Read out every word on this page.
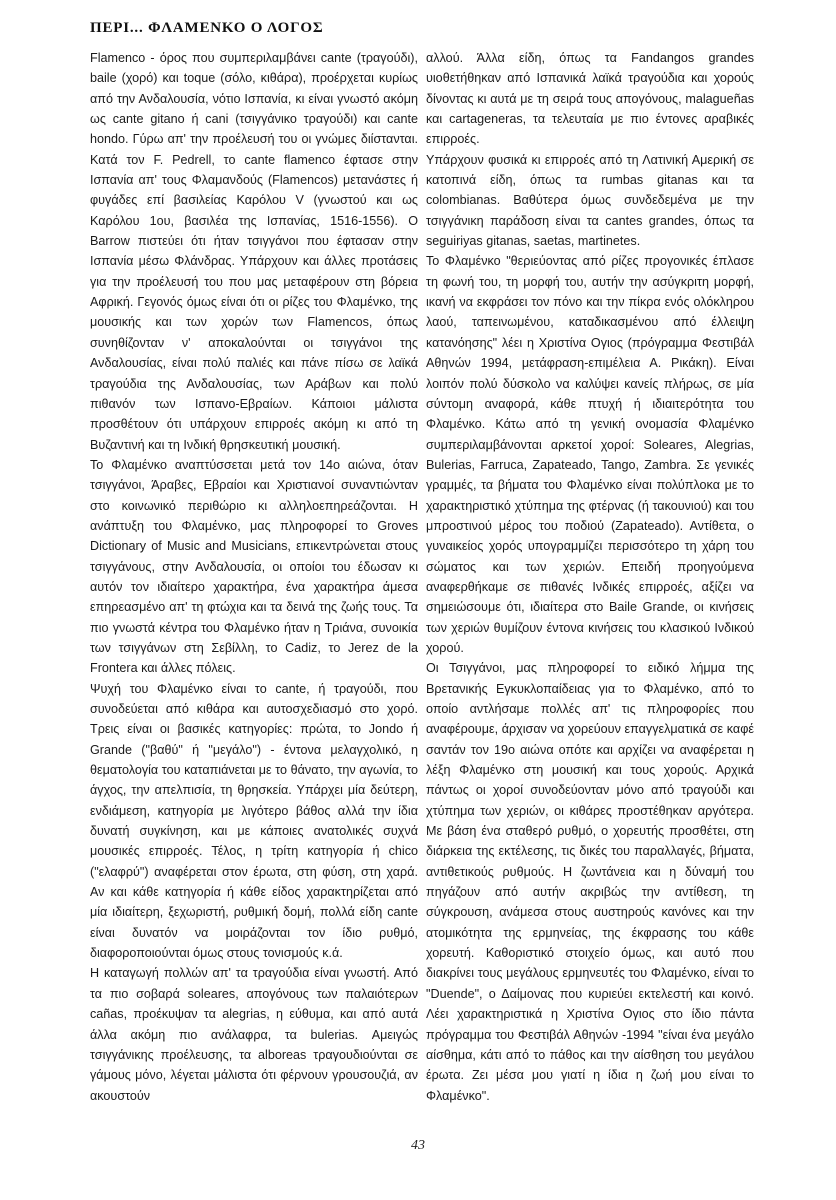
ΠΕΡΙ... ΦΛΑΜΕΝΚΟ Ο ΛΟΓΟΣ

Flamenco - όρος που συμπεριλαμβάνει cante (τραγούδι), baile (χορό) και toque (σόλο, κιθάρα), προέρχεται κυρίως από την Ανδαλουσία, νότιο Ισπανία, κι είναι γνωστό ακόμη ως cante gitano ή cani (τσιγγάνικο τραγούδι) και cante hondo. Γύρω απ' την προέλευσή του οι γνώμες διίστανται. Κατά τον F. Pedrell, το cante flamenco έφτασε στην Ισπανία απ' τους Φλαμανδούς (Flamencos) μετανάστες ή φυγάδες επί βασιλείας Καρόλου V (γνωστού και ως Καρόλου 1ου, βασιλέα της Ισπανίας, 1516-1556). Ο Barrow πιστεύει ότι ήταν τσιγγάνοι που έφτασαν στην Ισπανία μέσω Φλάνδρας. Υπάρχουν και άλλες προτάσεις για την προέλευσή του που μας μεταφέρουν στη βόρεια Αφρική. Γεγονός όμως είναι ότι οι ρίζες του Φλαμένκο, της μουσικής και των χορών των Flamencos, όπως συνηθίζονταν ν' αποκαλούνται οι τσιγγάνοι της Ανδαλουσίας, είναι πολύ παλιές και πάνε πίσω σε λαϊκά τραγούδια της Ανδαλουσίας, των Αράβων και πολύ πιθανόν των Ισπανο-Εβραίων. Κάποιοι μάλιστα προσθέτουν ότι υπάρχουν επιρροές ακόμη κι από τη Βυζαντινή και τη Ινδική θρησκευτική μουσική.

Το Φλαμένκο αναπτύσσεται μετά τον 14ο αιώνα, όταν τσιγγάνοι, Άραβες, Εβραίοι και Χριστιανοί συναντιώνταν στο κοινωνικό περιθώριο κι αλληλοεπηρεάζονται. Η ανάπτυξη του Φλαμένκο, μας πληροφορεί το Groves Dictionary of Music and Musicians, επικεντρώνεται στους τσιγγάνους, στην Ανδαλουσία, οι οποίοι του έδωσαν κι αυτόν τον ιδιαίτερο χαρακτήρα, ένα χαρακτήρα άμεσα επηρεασμένο απ' τη φτώχια και τα δεινά της ζωής τους. Τα πιο γνωστά κέντρα του Φλαμένκο ήταν η Τριάνα, συνοικία των τσιγγάνων στη Σεβίλλη, το Cadiz, το Jerez de la Frontera και άλλες πόλεις.

Ψυχή του Φλαμένκο είναι το cante, ή τραγούδι, που συνοδεύεται από κιθάρα και αυτοσχεδιασμό στο χορό. Τρεις είναι οι βασικές κατηγορίες: πρώτα, το Jondo ή Grande ("βαθύ" ή "μεγάλο") - έντονα μελαγχολικό, η θεματολογία του καταπιάνεται με το θάνατο, την αγωνία, το άγχος, την απελπισία, τη θρησκεία. Υπάρχει μία δεύτερη, ενδιάμεση, κατηγορία με λιγότερο βάθος αλλά την ίδια δυνατή συγκίνηση, και με κάποιες ανατολικές συχνά μουσικές επιρροές. Τέλος, η τρίτη κατηγορία ή chico ("ελαφρύ") αναφέρεται στον έρωτα, στη φύση, στη χαρά. Αν και κάθε κατηγορία ή κάθε είδος χαρακτηρίζεται από μία ιδιαίτερη, ξεχωριστή, ρυθμική δομή, πολλά είδη cante είναι δυνατόν να μοιράζονται τον ίδιο ρυθμό, διαφοροποιούνται όμως στους τονισμούς κ.ά.

Η καταγωγή πολλών απ' τα τραγούδια είναι γνωστή. Από τα πιο σοβαρά soleares, απογόνους των παλαιότερων cañas, προέκυψαν τα alegrias, η εύθυμα, και από αυτά άλλα ακόμη πιο ανάλαφρα, τα bulerias. Αμειγώς τσιγγάνικης προέλευσης, τα alboreas τραγουδιούνται σε γάμους μόνο, λέγεται μάλιστα ότι φέρνουν γρουσουζιά, αν ακουστούν

αλλού. Άλλα είδη, όπως τα Fandangos grandes υιοθετήθηκαν από Ισπανικά λαϊκά τραγούδια και χορούς δίνοντας κι αυτά με τη σειρά τους απογόνους, malagueñas και cartageneras, τα τελευταία με πιο έντονες αραβικές επιρροές.

Υπάρχουν φυσικά κι επιρροές από τη Λατινική Αμερική σε κατοπινά είδη, όπως τα rumbas gitanas και τα colombianas. Βαθύτερα όμως συνδεδεμένα με την τσιγγάνικη παράδοση είναι τα cantes grandes, όπως τα seguiriyas gitanas, saetas, martinetes.

Το Φλαμένκο "θεριεύοντας από ρίζες προγονικές έπλασε τη φωνή του, τη μορφή του, αυτήν την ασύγκριτη μορφή, ικανή να εκφράσει τον πόνο και την πίκρα ενός ολόκληρου λαού, ταπεινωμένου, καταδικασμένου από έλλειψη κατανόησης" λέει η Χριστίνα Ογιος (πρόγραμμα Φεστιβάλ Αθηνών 1994, μετάφραση-επιμέλεια Α. Ρικάκη). Είναι λοιπόν πολύ δύσκολο να καλύψει κανείς πλήρως, σε μία σύντομη αναφορά, κάθε πτυχή ή ιδιαιτερότητα του Φλαμένκο. Κάτω από τη γενική ονομασία Φλαμένκο συμπεριλαμβάνονται αρκετοί χοροί: Soleares, Alegrias, Bulerias, Farruca, Zapateado, Tango, Zambra. Σε γενικές γραμμές, τα βήματα του Φλαμένκο είναι πολύπλοκα με το χαρακτηριστικό χτύπημα της φτέρνας (ή τακουνιού) και του μπροστινού μέρος του ποδιού (Zapateado). Αντίθετα, ο γυναικείος χορός υπογραμμίζει περισσότερο τη χάρη του σώματος και των χεριών. Επειδή προηγούμενα αναφερθήκαμε σε πιθανές Ινδικές επιρροές, αξίζει να σημειώσουμε ότι, ιδιαίτερα στο Baile Grande, οι κινήσεις των χεριών θυμίζουν έντονα κινήσεις του κλασικού Ινδικού χορού.

Οι Τσιγγάνοι, μας πληροφορεί το ειδικό λήμμα της Βρετανικής Εγκυκλοπαίδειας για το Φλαμένκο, από το οποίο αντλήσαμε πολλές απ' τις πληροφορίες που αναφέρουμε, άρχισαν να χορεύουν επαγγελματικά σε καφέ σαντάν τον 19ο αιώνα οπότε και αρχίζει να αναφέρεται η λέξη Φλαμένκο στη μουσική και τους χορούς. Αρχικά πάντως οι χοροί συνοδεύονταν μόνο από τραγούδι και χτύπημα των χεριών, οι κιθάρες προστέθηκαν αργότερα. Με βάση ένα σταθερό ρυθμό, ο χορευτής προσθέτει, στη διάρκεια της εκτέλεσης, τις δικές του παραλλαγές, βήματα, αντιθετικούς ρυθμούς. Η ζωντάνεια και η δύναμή του πηγάζουν από αυτήν ακριβώς την αντίθεση, τη σύγκρουση, ανάμεσα στους αυστηρούς κανόνες και την ατομικότητα της ερμηνείας, της έκφρασης του κάθε χορευτή. Καθοριστικό στοιχείο όμως, και αυτό που διακρίνει τους μεγάλους ερμηνευτές του Φλαμένκο, είναι το "Duende", ο Δαίμονας που κυριεύει εκτελεστή και κοινό. Λέει χαρακτηριστικά η Χριστίνα Ογιος στο ίδιο πάντα πρόγραμμα του Φεστιβάλ Αθηνών -1994 "είναι ένα μεγάλο αίσθημα, κάτι από το πάθος και την αίσθηση του μεγάλου έρωτα. Ζει μέσα μου γιατί η ίδια η ζωή μου είναι το Φλαμένκο".

43
